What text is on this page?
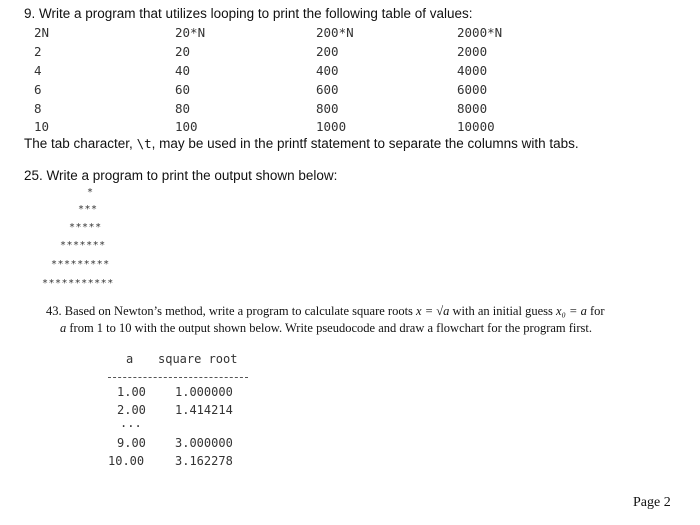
9. Write a program that utilizes looping to print the following table of values:
2N	20*N	200*N	2000*N
2	20	200	2000
4	40	400	4000
6	60	600	6000
8	80	800	8000
10	100	1000	10000
The tab character, \t, may be used in the printf statement to separate the columns with tabs.
25. Write a program to print the output shown below:
*
***
*****
*******
*********
***********
43. Based on Newton’s method, write a program to calculate square roots x = √a with an initial guess x₀ = a for
a from 1 to 10 with the output shown below. Write pseudocode and draw a flowchart for the program first.
a square root
1.00 1.000000
2.00 1.414214
...
9.00 3.000000
10.00	3.162278
Page 2
